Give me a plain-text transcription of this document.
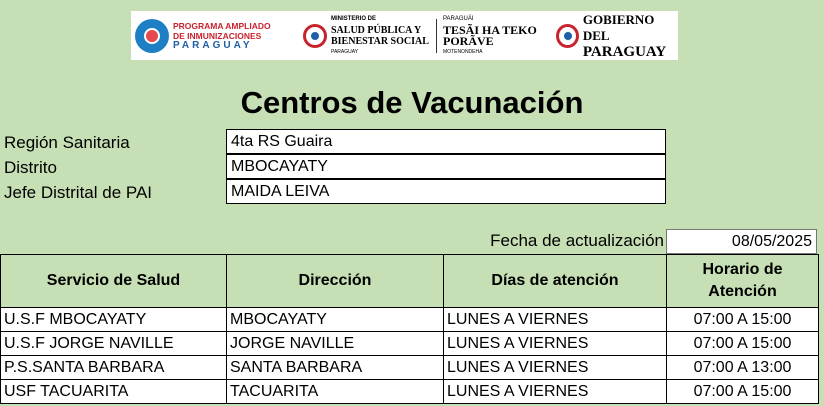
PROGRAMA AMPLIADO
DE INMUNIZACIONES
PARAGUAY
MINISTERIO DE
SALUD PÚBLICA Y
BIENESTAR SOCIAL
PARAGUAY
PARAGUÁI
TESÃI HA TEKO
PORÃVE
MOTENONDEHA
GOBIERNO DEL
PARAGUAY
Centros de Vacunación
Región Sanitaria	4ta RS Guaira
Distrito	MBOCAYATY
Jefe Distrital de PAI	MAIDA LEIVA
Fecha de actualización	08/05/2025
Servicio de Salud	Dirección	Días de atención	Horario de Atención
U.S.F MBOCAYATY	MBOCAYATY	LUNES A VIERNES	07:00 A 15:00
U.S.F JORGE NAVILLE	JORGE NAVILLE	LUNES A VIERNES	07:00 A 15:00
P.S.SANTA BARBARA	SANTA BARBARA	LUNES A VIERNES	07:00 A 13:00
USF TACUARITA	TACUARITA	LUNES A VIERNES	07:00 A 15:00
